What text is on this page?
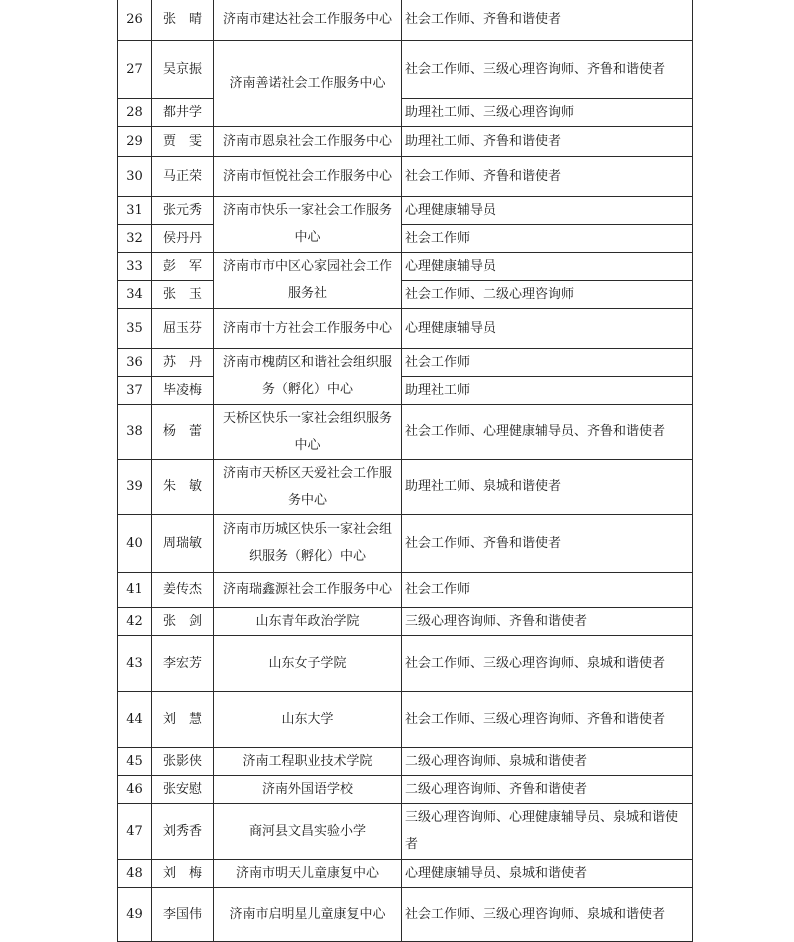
26	张　晴	济南市建达社会工作服务中心	社会工作师、齐鲁和谐使者
27	吴京振	济南善诺社会工作服务中心	社会工作师、三级心理咨询师、齐鲁和谐使者
28	都井学		助理社工师、三级心理咨询师
29	贾　雯	济南市恩泉社会工作服务中心	助理社工师、齐鲁和谐使者
30	马正荣	济南市恒悦社会工作服务中心	社会工作师、齐鲁和谐使者
31	张元秀	济南市快乐一家社会工作服务中心	心理健康辅导员
32	侯丹丹		社会工作师
33	彭　军	济南市市中区心家园社会工作服务社	心理健康辅导员
34	张　玉		社会工作师、二级心理咨询师
35	屈玉芬	济南市十方社会工作服务中心	心理健康辅导员
36	苏　丹	济南市槐荫区和谐社会组织服务（孵化）中心	社会工作师
37	毕凌梅		助理社工师
38	杨　蕾	天桥区快乐一家社会组织服务中心	社会工作师、心理健康辅导员、齐鲁和谐使者
39	朱　敏	济南市天桥区天爱社会工作服务中心	助理社工师、泉城和谐使者
40	周瑞敏	济南市历城区快乐一家社会组织服务（孵化）中心	社会工作师、齐鲁和谐使者
41	姜传杰	济南瑞鑫源社会工作服务中心	社会工作师
42	张　剑	山东青年政治学院	三级心理咨询师、齐鲁和谐使者
43	李宏芳	山东女子学院	社会工作师、三级心理咨询师、泉城和谐使者
44	刘　慧	山东大学	社会工作师、三级心理咨询师、齐鲁和谐使者
45	张影侠	济南工程职业技术学院	二级心理咨询师、泉城和谐使者
46	张安慰	济南外国语学校	二级心理咨询师、齐鲁和谐使者
47	刘秀香	商河县文昌实验小学	三级心理咨询师、心理健康辅导员、泉城和谐使者
48	刘　梅	济南市明天儿童康复中心	心理健康辅导员、泉城和谐使者
49	李国伟	济南市启明星儿童康复中心	社会工作师、三级心理咨询师、泉城和谐使者
